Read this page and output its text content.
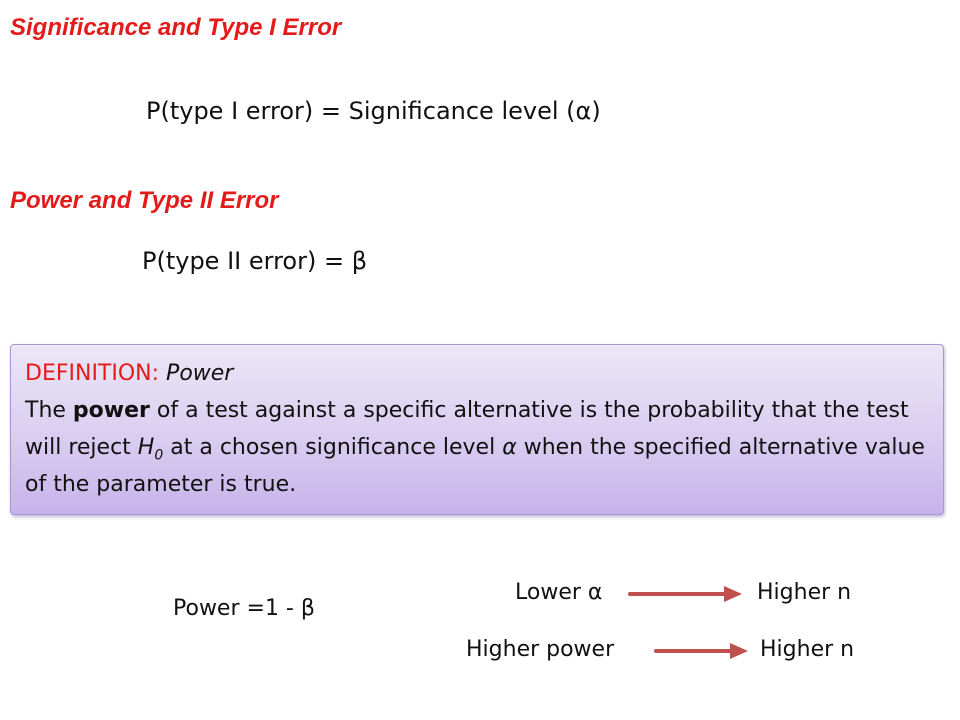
Significance and Type I Error
P(type I error) = Significance level (α)
Power and Type II Error
P(type II error) = β
DEFINITION: Power
The power of a test against a specific alternative is the probability that the test will reject $H_0$ at a chosen significance level α when the specified alternative value of the parameter is true.
Power =1 - β
Lower α	Higher n
Higher power	Higher n
